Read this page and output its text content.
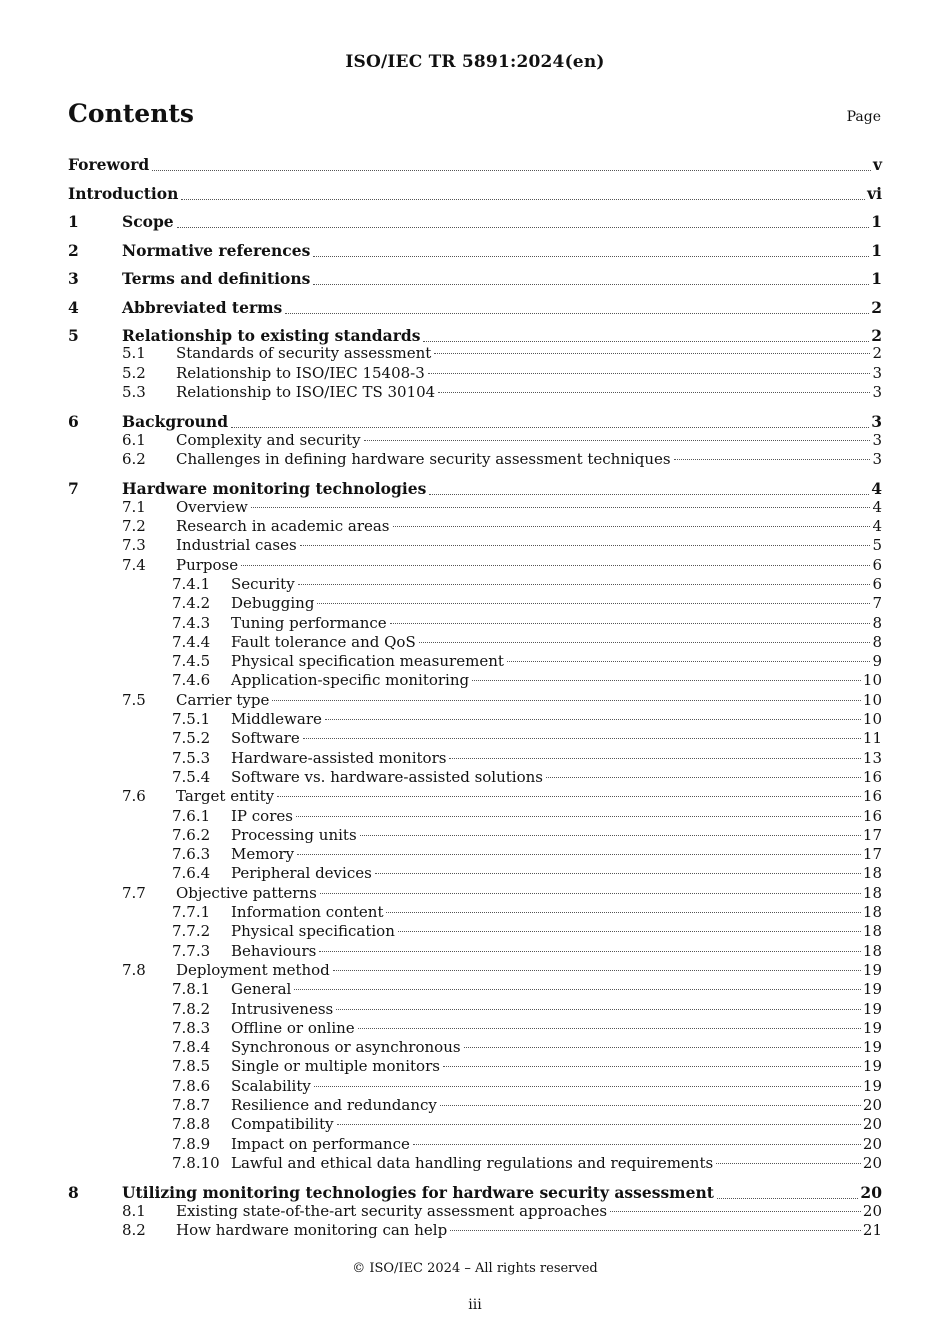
ISO/IEC TR 5891:2024(en)
Contents	Page
Foreword	v
Introduction	vi
1	Scope	1
2	Normative references	1
3	Terms and definitions	1
4	Abbreviated terms	2
5	Relationship to existing standards	2
5.1	Standards of security assessment	2
5.2	Relationship to ISO/IEC 15408-3	3
5.3	Relationship to ISO/IEC TS 30104	3
6	Background	3
6.1	Complexity and security	3
6.2	Challenges in defining hardware security assessment techniques	3
7	Hardware monitoring technologies	4
7.1	Overview	4
7.2	Research in academic areas	4
7.3	Industrial cases	5
7.4	Purpose	6
7.4.1	Security	6
7.4.2	Debugging	7
7.4.3	Tuning performance	8
7.4.4	Fault tolerance and QoS	8
7.4.5	Physical specification measurement	9
7.4.6	Application-specific monitoring	10
7.5	Carrier type	10
7.5.1	Middleware	10
7.5.2	Software	11
7.5.3	Hardware-assisted monitors	13
7.5.4	Software vs. hardware-assisted solutions	16
7.6	Target entity	16
7.6.1	IP cores	16
7.6.2	Processing units	17
7.6.3	Memory	17
7.6.4	Peripheral devices	18
7.7	Objective patterns	18
7.7.1	Information content	18
7.7.2	Physical specification	18
7.7.3	Behaviours	18
7.8	Deployment method	19
7.8.1	General	19
7.8.2	Intrusiveness	19
7.8.3	Offline or online	19
7.8.4	Synchronous or asynchronous	19
7.8.5	Single or multiple monitors	19
7.8.6	Scalability	19
7.8.7	Resilience and redundancy	20
7.8.8	Compatibility	20
7.8.9	Impact on performance	20
7.8.10 Lawful and ethical data handling regulations and requirements	20
8	Utilizing monitoring technologies for hardware security assessment	20
8.1	Existing state-of-the-art security assessment approaches	20
8.2	How hardware monitoring can help	21
© ISO/IEC 2024 – All rights reserved
iii
